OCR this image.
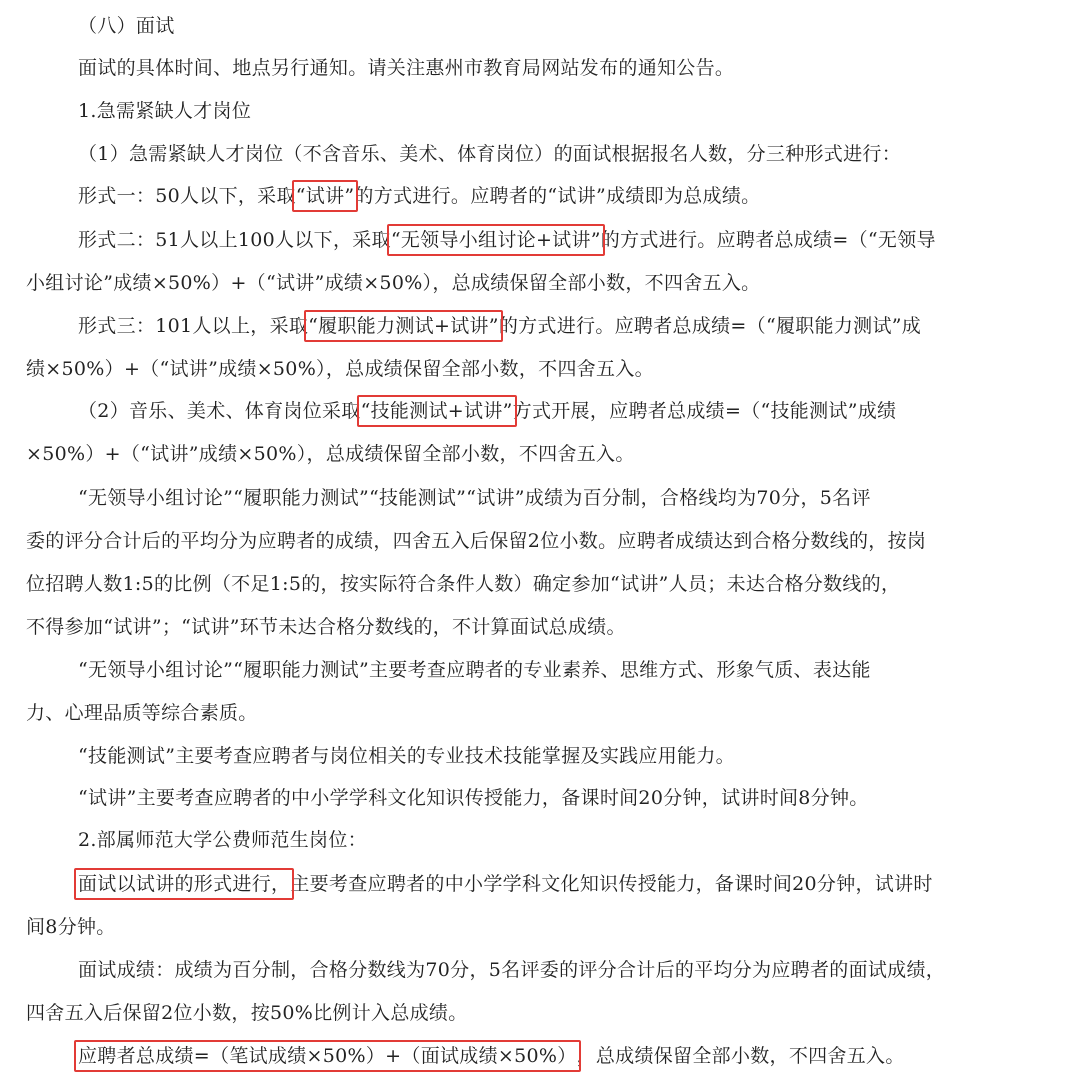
（八）面试
面试的具体时间、地点另行通知。请关注惠州市教育局网站发布的通知公告。
1.急需紧缺人才岗位
（1）急需紧缺人才岗位（不含音乐、美术、体育岗位）的面试根据报名人数，分三种形式进行：
形式一：50人以下，采取“试讲”的方式进行。应聘者的“试讲”成绩即为总成绩。
形式二：51人以上100人以下，采取“无领导小组讨论+试讲”的方式进行。应聘者总成绩=（“无领导
小组讨论”成绩×50%）+（“试讲”成绩×50%），总成绩保留全部小数，不四舍五入。
形式三：101人以上，采取“履职能力测试+试讲”的方式进行。应聘者总成绩=（“履职能力测试”成
绩×50%）+（“试讲”成绩×50%），总成绩保留全部小数，不四舍五入。
（2）音乐、美术、体育岗位采取“技能测试+试讲”方式开展，应聘者总成绩=（“技能测试”成绩
×50%）+（“试讲”成绩×50%），总成绩保留全部小数，不四舍五入。
“无领导小组讨论”“履职能力测试”“技能测试”“试讲”成绩为百分制，合格线均为70分，5名评
委的评分合计后的平均分为应聘者的成绩，四舍五入后保留2位小数。应聘者成绩达到合格分数线的，按岗
位招聘人数1:5的比例（不足1:5的，按实际符合条件人数）确定参加“试讲”人员；未达合格分数线的，
不得参加“试讲”；“试讲”环节未达合格分数线的，不计算面试总成绩。
“无领导小组讨论”“履职能力测试”主要考查应聘者的专业素养、思维方式、形象气质、表达能
力、心理品质等综合素质。
“技能测试”主要考查应聘者与岗位相关的专业技术技能掌握及实践应用能力。
“试讲”主要考查应聘者的中小学学科文化知识传授能力，备课时间20分钟，试讲时间8分钟。
2.部属师范大学公费师范生岗位：
面试以试讲的形式进行，主要考查应聘者的中小学学科文化知识传授能力，备课时间20分钟，试讲时
间8分钟。
面试成绩：成绩为百分制，合格分数线为70分，5名评委的评分合计后的平均分为应聘者的面试成绩，
四舍五入后保留2位小数，按50%比例计入总成绩。
应聘者总成绩=（笔试成绩×50%）+（面试成绩×50%），总成绩保留全部小数，不四舍五入。
